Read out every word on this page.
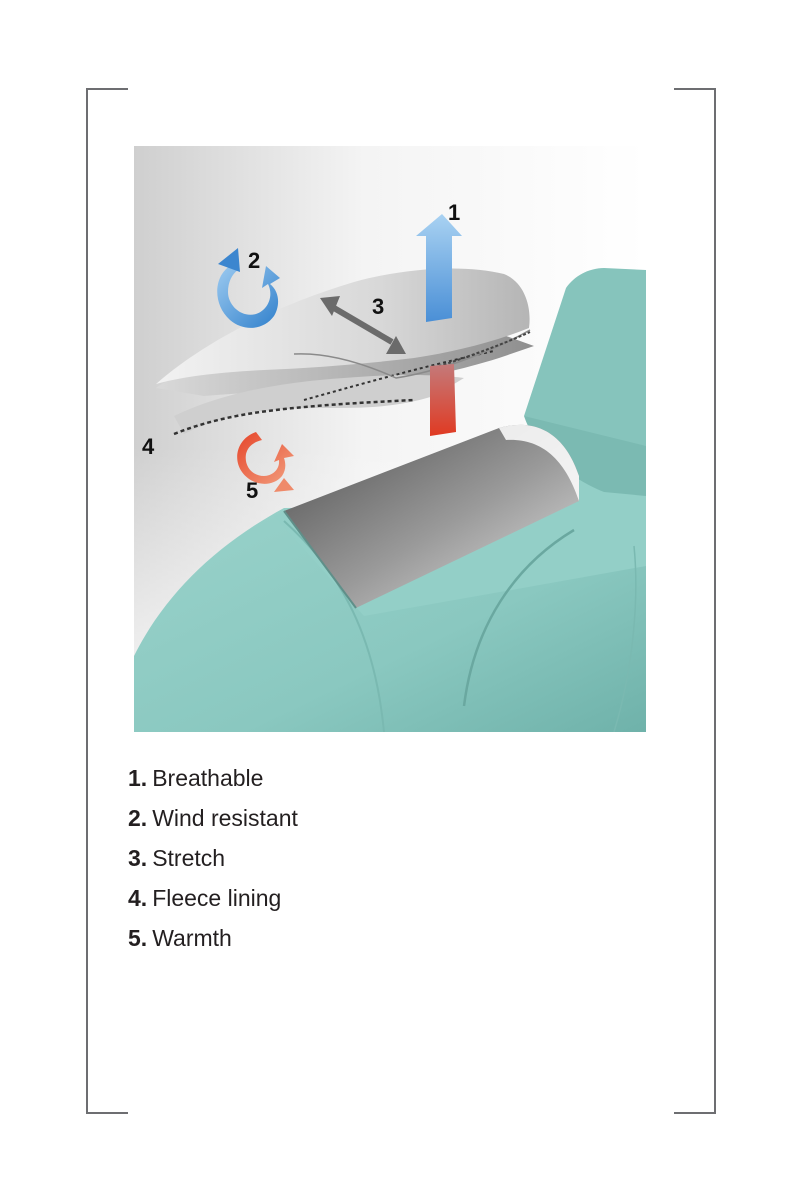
1
2
3
4
5
1. Breathable
2. Wind resistant
3. Stretch
4. Fleece lining
5. Warmth
